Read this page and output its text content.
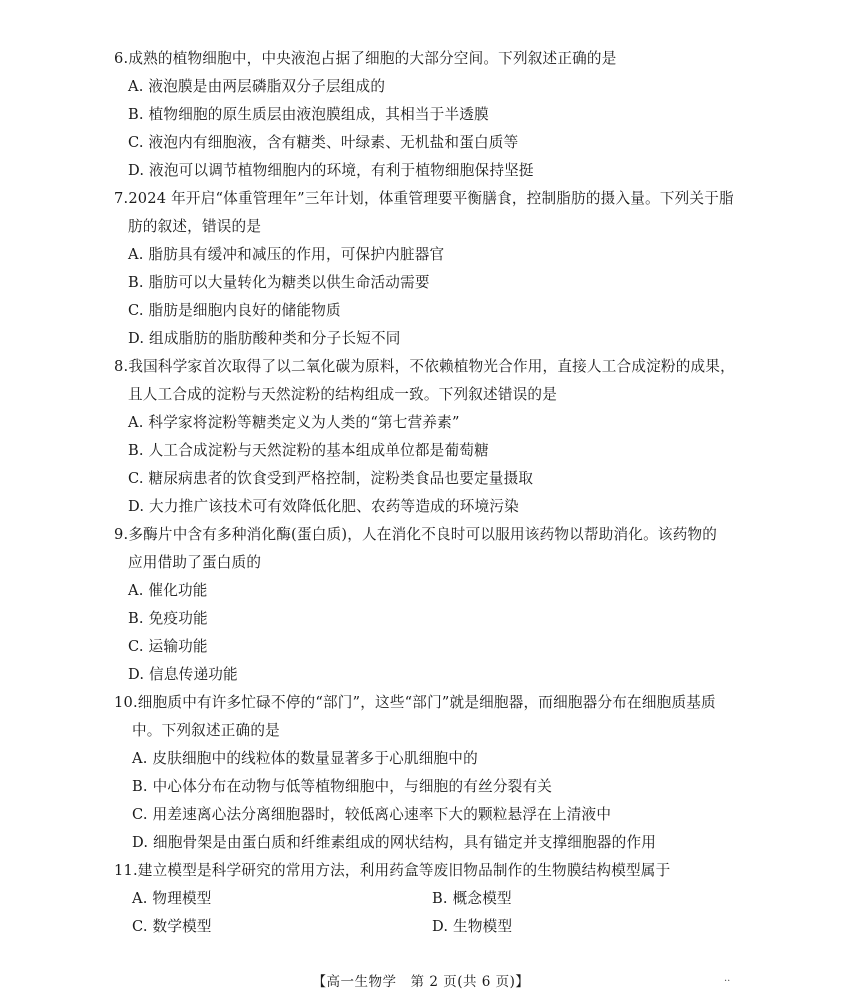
6.成熟的植物细胞中，中央液泡占据了细胞的大部分空间。下列叙述正确的是
A. 液泡膜是由两层磷脂双分子层组成的
B. 植物细胞的原生质层由液泡膜组成，其相当于半透膜
C. 液泡内有细胞液，含有糖类、叶绿素、无机盐和蛋白质等
D. 液泡可以调节植物细胞内的环境，有利于植物细胞保持坚挺
7.2024 年开启“体重管理年”三年计划，体重管理要平衡膳食，控制脂肪的摄入量。下列关于脂
肪的叙述，错误的是
A. 脂肪具有缓冲和减压的作用，可保护内脏器官
B. 脂肪可以大量转化为糖类以供生命活动需要
C. 脂肪是细胞内良好的储能物质
D. 组成脂肪的脂肪酸种类和分子长短不同
8.我国科学家首次取得了以二氧化碳为原料，不依赖植物光合作用，直接人工合成淀粉的成果，
且人工合成的淀粉与天然淀粉的结构组成一致。下列叙述错误的是
A. 科学家将淀粉等糖类定义为人类的“第七营养素”
B. 人工合成淀粉与天然淀粉的基本组成单位都是葡萄糖
C. 糖尿病患者的饮食受到严格控制，淀粉类食品也要定量摄取
D. 大力推广该技术可有效降低化肥、农药等造成的环境污染
9.多酶片中含有多种消化酶(蛋白质)，人在消化不良时可以服用该药物以帮助消化。该药物的
应用借助了蛋白质的
A. 催化功能
B. 免疫功能
C. 运输功能
D. 信息传递功能
10.细胞质中有许多忙碌不停的“部门”，这些“部门”就是细胞器，而细胞器分布在细胞质基质
中。下列叙述正确的是
A. 皮肤细胞中的线粒体的数量显著多于心肌细胞中的
B. 中心体分布在动物与低等植物细胞中，与细胞的有丝分裂有关
C. 用差速离心法分离细胞器时，较低离心速率下大的颗粒悬浮在上清液中
D. 细胞骨架是由蛋白质和纤维素组成的网状结构，具有锚定并支撑细胞器的作用
11.建立模型是科学研究的常用方法，利用药盒等废旧物品制作的生物膜结构模型属于
A. 物理模型	B. 概念模型
C. 数学模型	D. 生物模型
【高一生物学　第 2 页(共 6 页)】	··
